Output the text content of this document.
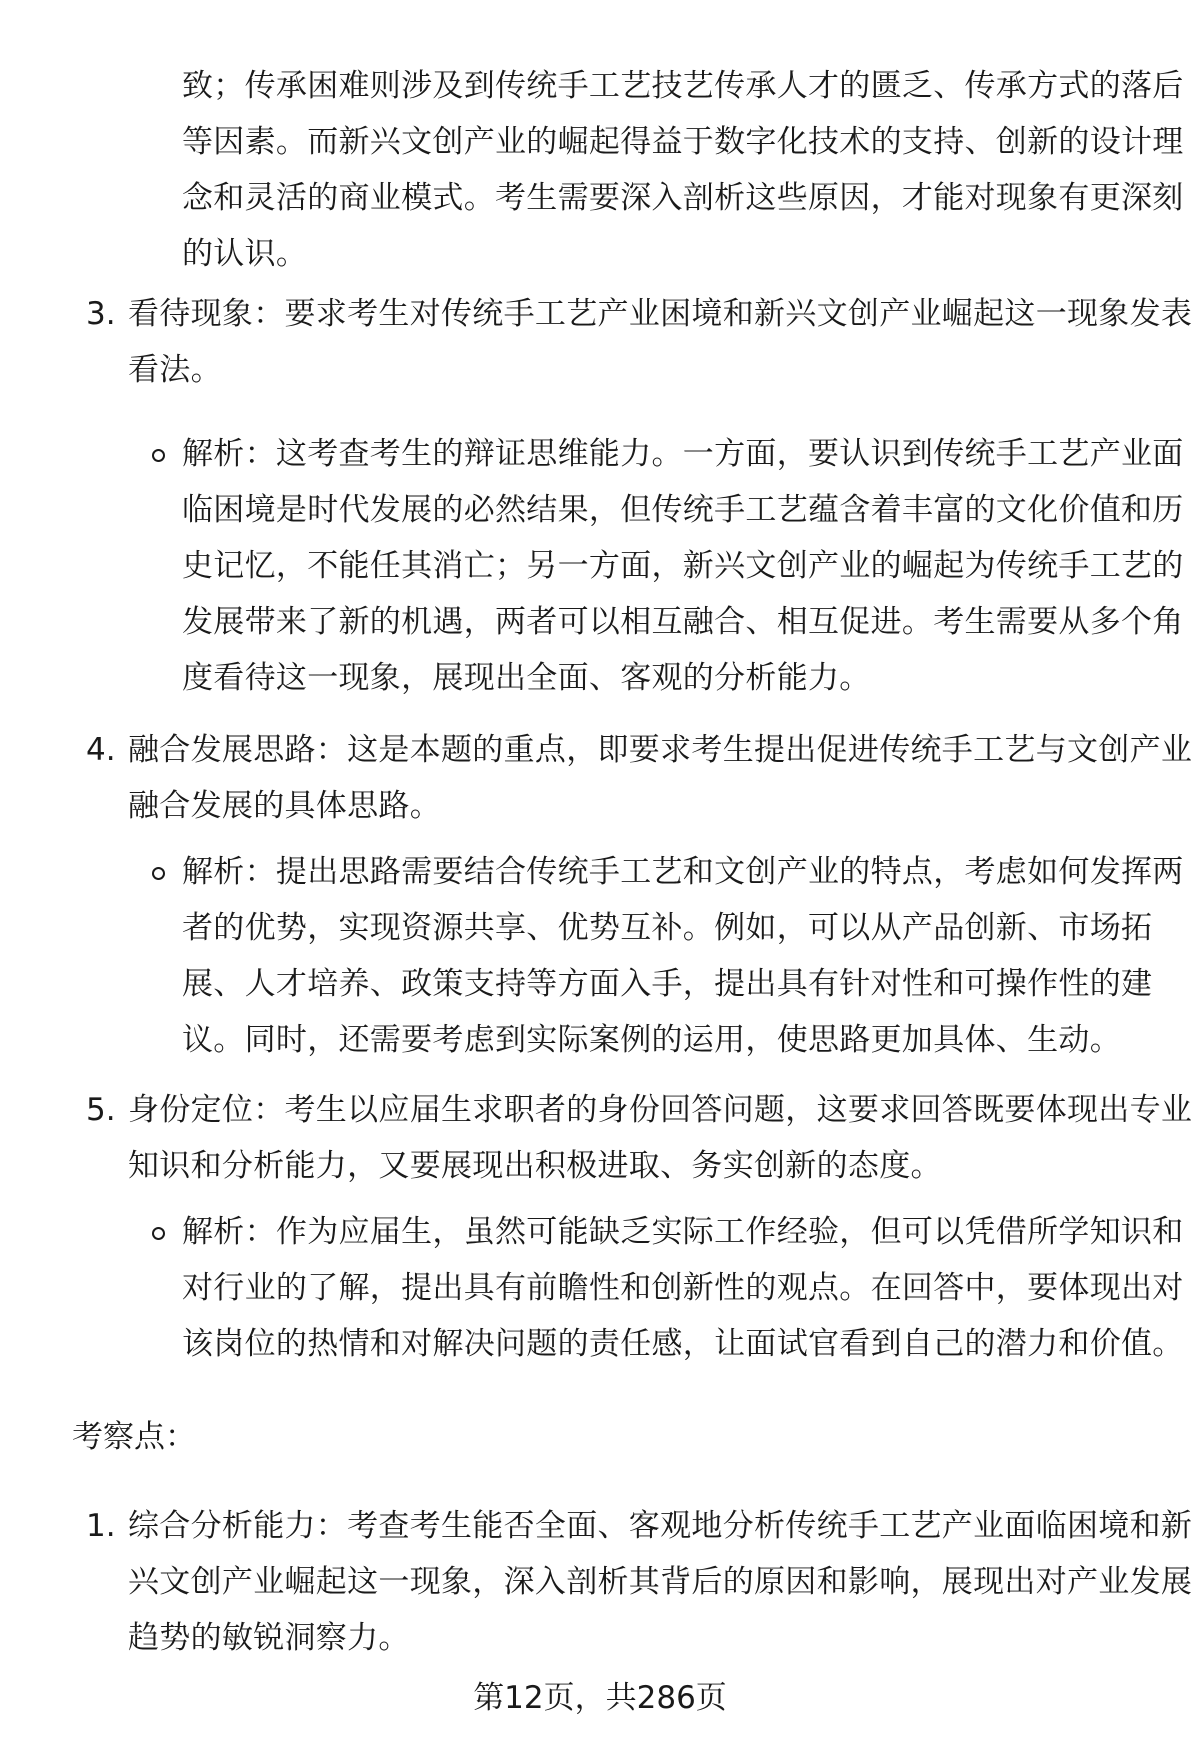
致；传承困难则涉及到传统手工艺技艺传承人才的匮乏、传承方式的落后
等因素。而新兴文创产业的崛起得益于数字化技术的支持、创新的设计理
念和灵活的商业模式。考生需要深入剖析这些原因，才能对现象有更深刻
的认识。
3. 看待现象：要求考生对传统手工艺产业困境和新兴文创产业崛起这一现象发表
看法。
解析：这考查考生的辩证思维能力。一方面，要认识到传统手工艺产业面
临困境是时代发展的必然结果，但传统手工艺蕴含着丰富的文化价值和历
史记忆，不能任其消亡；另一方面，新兴文创产业的崛起为传统手工艺的
发展带来了新的机遇，两者可以相互融合、相互促进。考生需要从多个角
度看待这一现象，展现出全面、客观的分析能力。
4. 融合发展思路：这是本题的重点，即要求考生提出促进传统手工艺与文创产业
融合发展的具体思路。
解析：提出思路需要结合传统手工艺和文创产业的特点，考虑如何发挥两
者的优势，实现资源共享、优势互补。例如，可以从产品创新、市场拓
展、人才培养、政策支持等方面入手，提出具有针对性和可操作性的建
议。同时，还需要考虑到实际案例的运用，使思路更加具体、生动。
5. 身份定位：考生以应届生求职者的身份回答问题，这要求回答既要体现出专业
知识和分析能力，又要展现出积极进取、务实创新的态度。
解析：作为应届生，虽然可能缺乏实际工作经验，但可以凭借所学知识和
对行业的了解，提出具有前瞻性和创新性的观点。在回答中，要体现出对
该岗位的热情和对解决问题的责任感，让面试官看到自己的潜力和价值。
考察点：
1. 综合分析能力：考查考生能否全面、客观地分析传统手工艺产业面临困境和新
兴文创产业崛起这一现象，深入剖析其背后的原因和影响，展现出对产业发展
趋势的敏锐洞察力。
第12页，共286页
